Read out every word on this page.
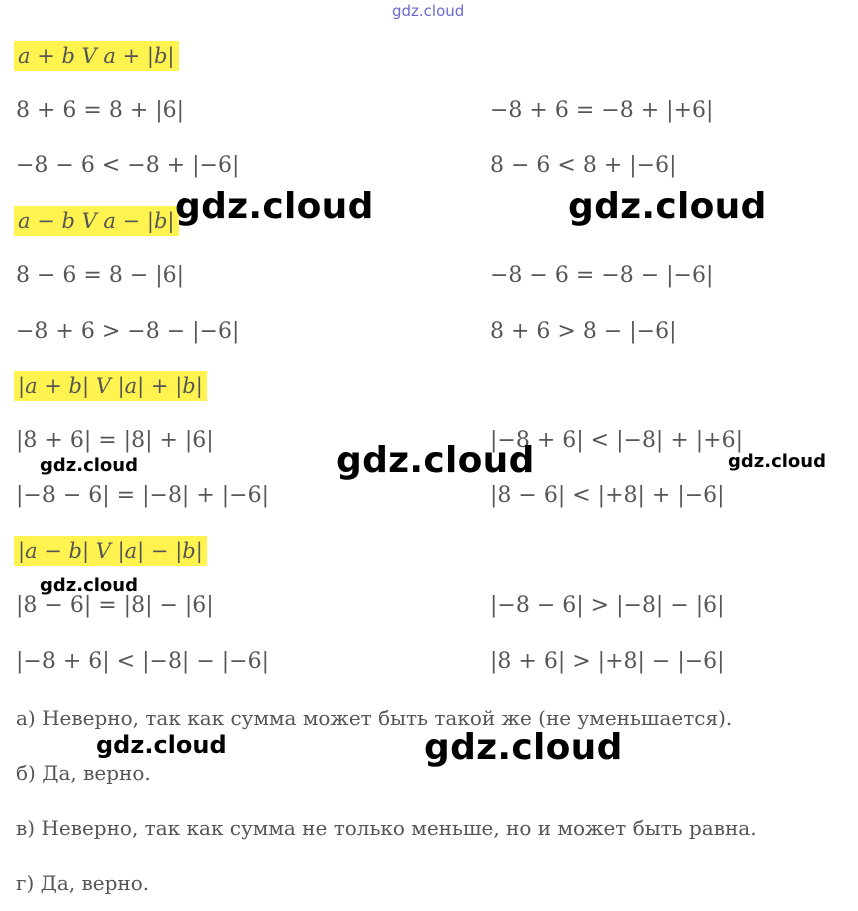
gdz.cloud
a + b V a + |b|
8 + 6 = 8 + |6|	−8 + 6 = −8 + |+6|
−8 − 6 < −8 + |−6|	8 − 6 < 8 + |−6|
a − b V a − |b|
8 − 6 = 8 − |6|	−8 − 6 = −8 − |−6|
−8 + 6 > −8 − |−6|	8 + 6 > 8 − |−6|
|a + b| V |a| + |b|
|8 + 6| = |8| + |6|	|−8 + 6| < |−8| + |+6|
|−8 − 6| = |−8| + |−6|	|8 − 6| < |+8| + |−6|
|a − b| V |a| − |b|
|8 − 6| = |8| − |6|	|−8 − 6| > |−8| − |6|
|−8 + 6| < |−8| − |−6|	|8 + 6| > |+8| − |−6|
а) Неверно, так как сумма может быть такой же (не уменьшается).
б) Да, верно.
в) Неверно, так как сумма не только меньше, но и может быть равна.
г) Да, верно.
gdz.cloud	gdz.cloud
gdz.cloud
gdz.cloud	gdz.cloud
gdz.cloud
gdz.cloud	gdz.cloud
